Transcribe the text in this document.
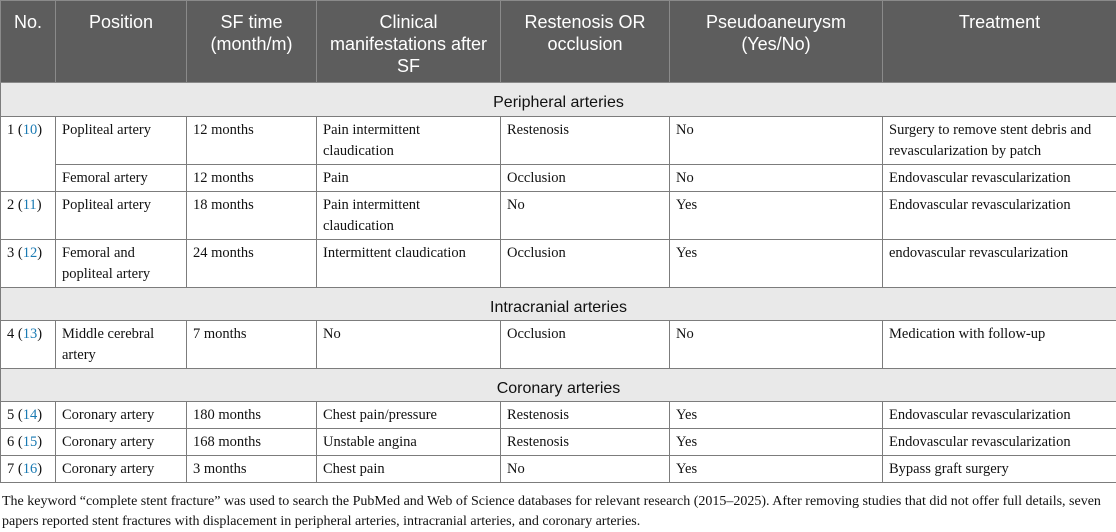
No.	Position	SF time (month/m)	Clinical manifestations after SF	Restenosis OR occlusion	Pseudoaneurysm (Yes/No)	Treatment
Peripheral arteries						
1 (10)	Popliteal artery	12 months	Pain intermittent claudication	Restenosis	No	Surgery to remove stent debris and revascularization by patch
	Femoral artery	12 months	Pain	Occlusion	No	Endovascular revascularization
2 (11)	Popliteal artery	18 months	Pain intermittent claudication	No	Yes	Endovascular revascularization
3 (12)	Femoral and popliteal artery	24 months	Intermittent claudication	Occlusion	Yes	endovascular revascularization
Intracranial arteries						
4 (13)	Middle cerebral artery	7 months	No	Occlusion	No	Medication with follow-up
Coronary arteries						
5 (14)	Coronary artery	180 months	Chest pain/pressure	Restenosis	Yes	Endovascular revascularization
6 (15)	Coronary artery	168 months	Unstable angina	Restenosis	Yes	Endovascular revascularization
7 (16)	Coronary artery	3 months	Chest pain	No	Yes	Bypass graft surgery
The keyword “complete stent fracture” was used to search the PubMed and Web of Science databases for relevant research (2015–2025). After removing studies that did not offer full details, seven papers reported stent fractures with displacement in peripheral arteries, intracranial arteries, and coronary arteries.
